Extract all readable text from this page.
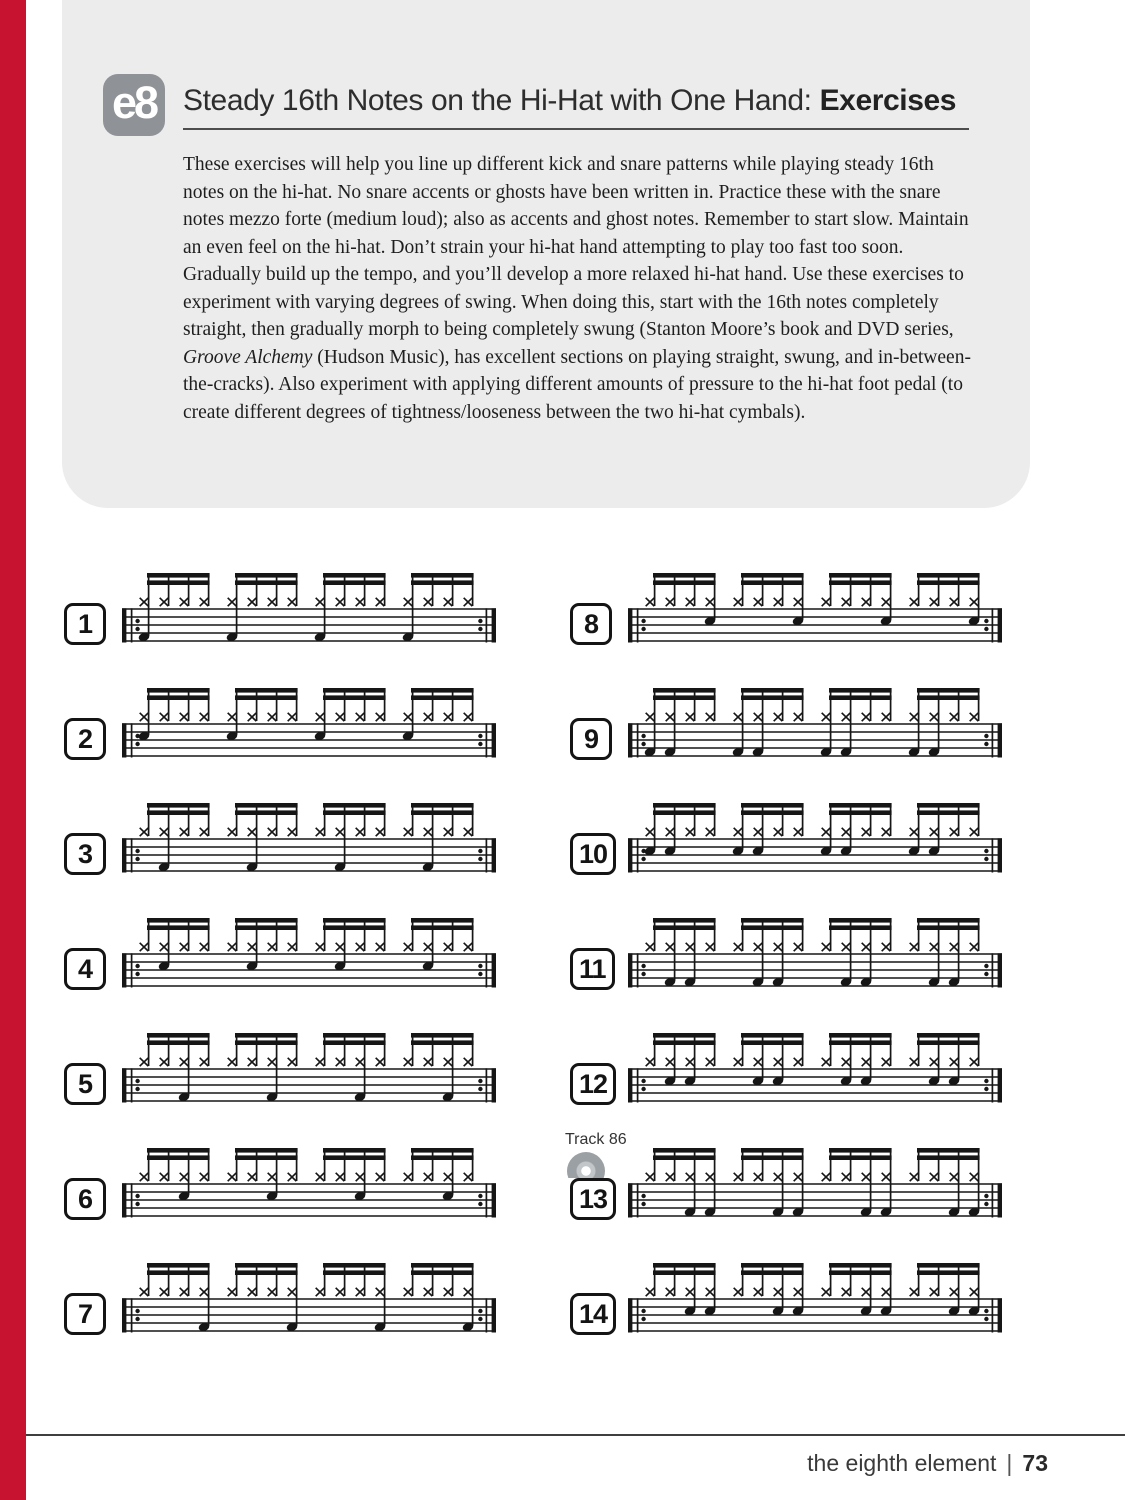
e8 Steady 16th Notes on the Hi-Hat with One Hand: Exercises
These exercises will help you line up different kick and snare patterns while playing steady 16th notes on the hi-hat. No snare accents or ghosts have been written in. Practice these with the snare notes mezzo forte (medium loud); also as accents and ghost notes. Remember to start slow. Maintain an even feel on the hi-hat. Don’t strain your hi-hat hand attempting to play too fast too soon. Gradually build up the tempo, and you’ll develop a more relaxed hi-hat hand. Use these exercises to experiment with varying degrees of swing. When doing this, start with the 16th notes completely straight, then gradually morph to being completely swung (Stanton Moore’s book and DVD series, Groove Alchemy (Hudson Music), has excellent sections on playing straight, swung, and in-between-the-cracks). Also experiment with applying different amounts of pressure to the hi-hat foot pedal (to create different degrees of tightness/looseness between the two hi-hat cymbals).
1
2
3
4
5
6
7
8
9
10
11
12
Track 86
13
14
the eighth element | 73
